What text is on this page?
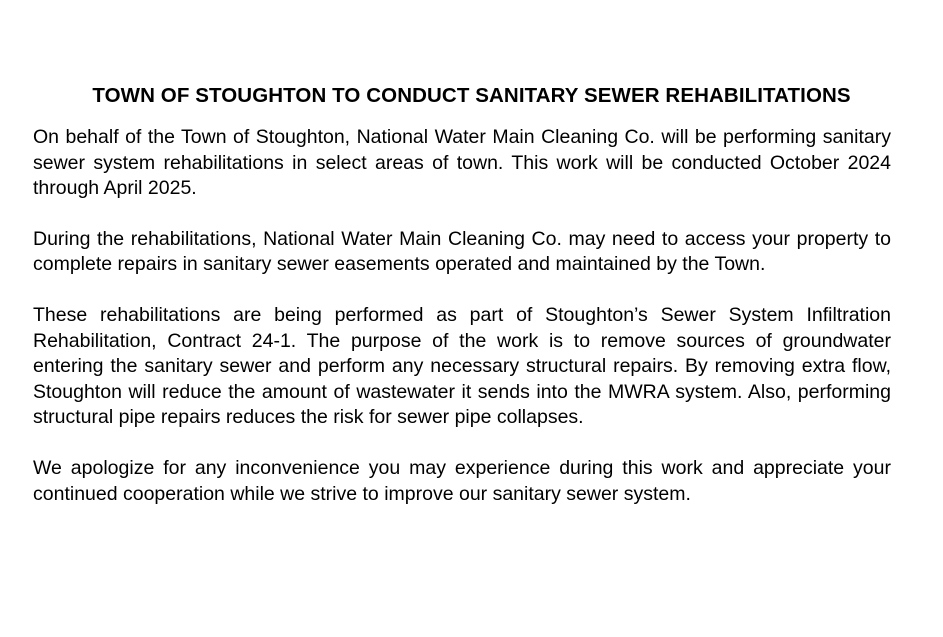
TOWN OF STOUGHTON TO CONDUCT SANITARY SEWER REHABILITATIONS

On behalf of the Town of Stoughton, National Water Main Cleaning Co. will be performing sanitary sewer system rehabilitations in select areas of town. This work will be conducted October 2024 through April 2025.

During the rehabilitations, National Water Main Cleaning Co. may need to access your property to complete repairs in sanitary sewer easements operated and maintained by the Town.

These rehabilitations are being performed as part of Stoughton’s Sewer System Infiltration Rehabilitation, Contract 24-1. The purpose of the work is to remove sources of groundwater entering the sanitary sewer and perform any necessary structural repairs. By removing extra flow, Stoughton will reduce the amount of wastewater it sends into the MWRA system. Also, performing structural pipe repairs reduces the risk for sewer pipe collapses.

We apologize for any inconvenience you may experience during this work and appreciate your continued cooperation while we strive to improve our sanitary sewer system.
